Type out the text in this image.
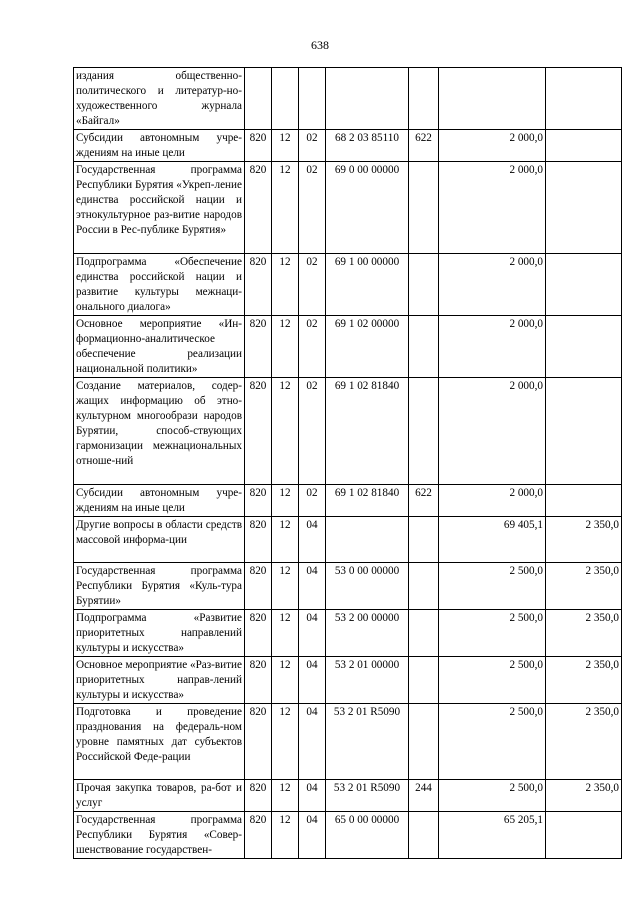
638
издания общественно-политического и литератур-но-художественного журнала «Байгал»							
Субсидии автономным учре-ждениям на иные цели	820	12	02	68 2 03 85110	622	2 000,0	
Государственная программа Республики Бурятия «Укреп-ление единства российской нации и этнокультурное раз-витие народов России в Рес-публике Бурятия»	820	12	02	69 0 00 00000		2 000,0	
Подпрограмма «Обеспечение единства российской нации и развитие культуры межнаци-онального диалога»	820	12	02	69 1 00 00000		2 000,0	
Основное мероприятие «Ин-формационно-аналитическое обеспечение реализации национальной политики»	820	12	02	69 1 02 00000		2 000,0	
Создание материалов, содер-жащих информацию об этно-культурном многообрази народов Бурятии, способ-ствующих гармонизации межнациональных отноше-ний	820	12	02	69 1 02 81840		2 000,0	
Субсидии автономным учре-ждениям на иные цели	820	12	02	69 1 02 81840	622	2 000,0	
Другие вопросы в области средств массовой информа-ции	820	12	04			69 405,1	2 350,0
Государственная программа Республики Бурятия «Куль-тура Бурятии»	820	12	04	53 0 00 00000		2 500,0	2 350,0
Подпрограмма «Развитие приоритетных направлений культуры и искусства»	820	12	04	53 2 00 00000		2 500,0	2 350,0
Основное мероприятие «Раз-витие приоритетных направ-лений культуры и искусства»	820	12	04	53 2 01 00000		2 500,0	2 350,0
Подготовка и проведение празднования на федераль-ном уровне памятных дат субъектов Российской Феде-рации	820	12	04	53 2 01 R5090		2 500,0	2 350,0
Прочая закупка товаров, ра-бот и услуг	820	12	04	53 2 01 R5090	244	2 500,0	2 350,0
Государственная программа Республики Бурятия «Совер-шенствование государствен-	820	12	04	65 0 00 00000		65 205,1	
